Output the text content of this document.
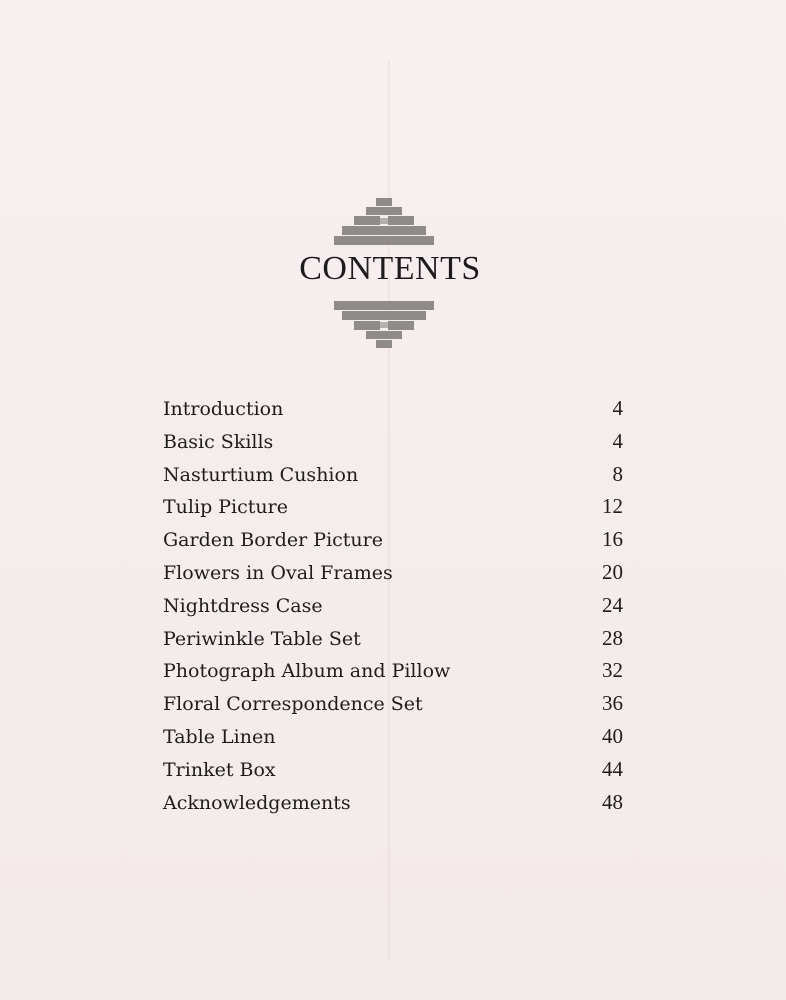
CONTENTS
Introduction	4
Basic Skills	4
Nasturtium Cushion	8
Tulip Picture	12
Garden Border Picture	16
Flowers in Oval Frames	20
Nightdress Case	24
Periwinkle Table Set	28
Photograph Album and Pillow	32
Floral Correspondence Set	36
Table Linen	40
Trinket Box	44
Acknowledgements	48
